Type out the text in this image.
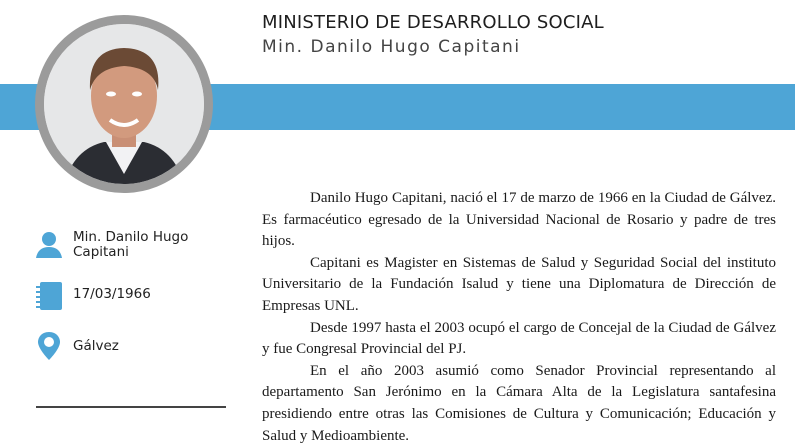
MINISTERIO DE DESARROLLO SOCIAL
Min. Danilo Hugo Capitani
Min. Danilo Hugo Capitani
17/03/1966
Gálvez

Danilo Hugo Capitani, nació el 17 de marzo de 1966 en la Ciudad de Gálvez. Es farmacéutico egresado de la Universidad Nacional de Rosario y padre de tres hijos.

Capitani es Magister en Sistemas de Salud y Seguridad Social del instituto Universitario de la Fundación Isalud y tiene una Diplomatura de Dirección de Empresas UNL.

Desde 1997 hasta el 2003 ocupó el cargo de Concejal de la Ciudad de Gálvez y fue Congresal Provincial del PJ.

En el año 2003 asumió como Senador Provincial representando al departamento San Jerónimo en la Cámara Alta de la Legislatura santafesina presidiendo entre otras las Comisiones de Cultura y Comunicación; Educación y Salud y Medioambiente.
